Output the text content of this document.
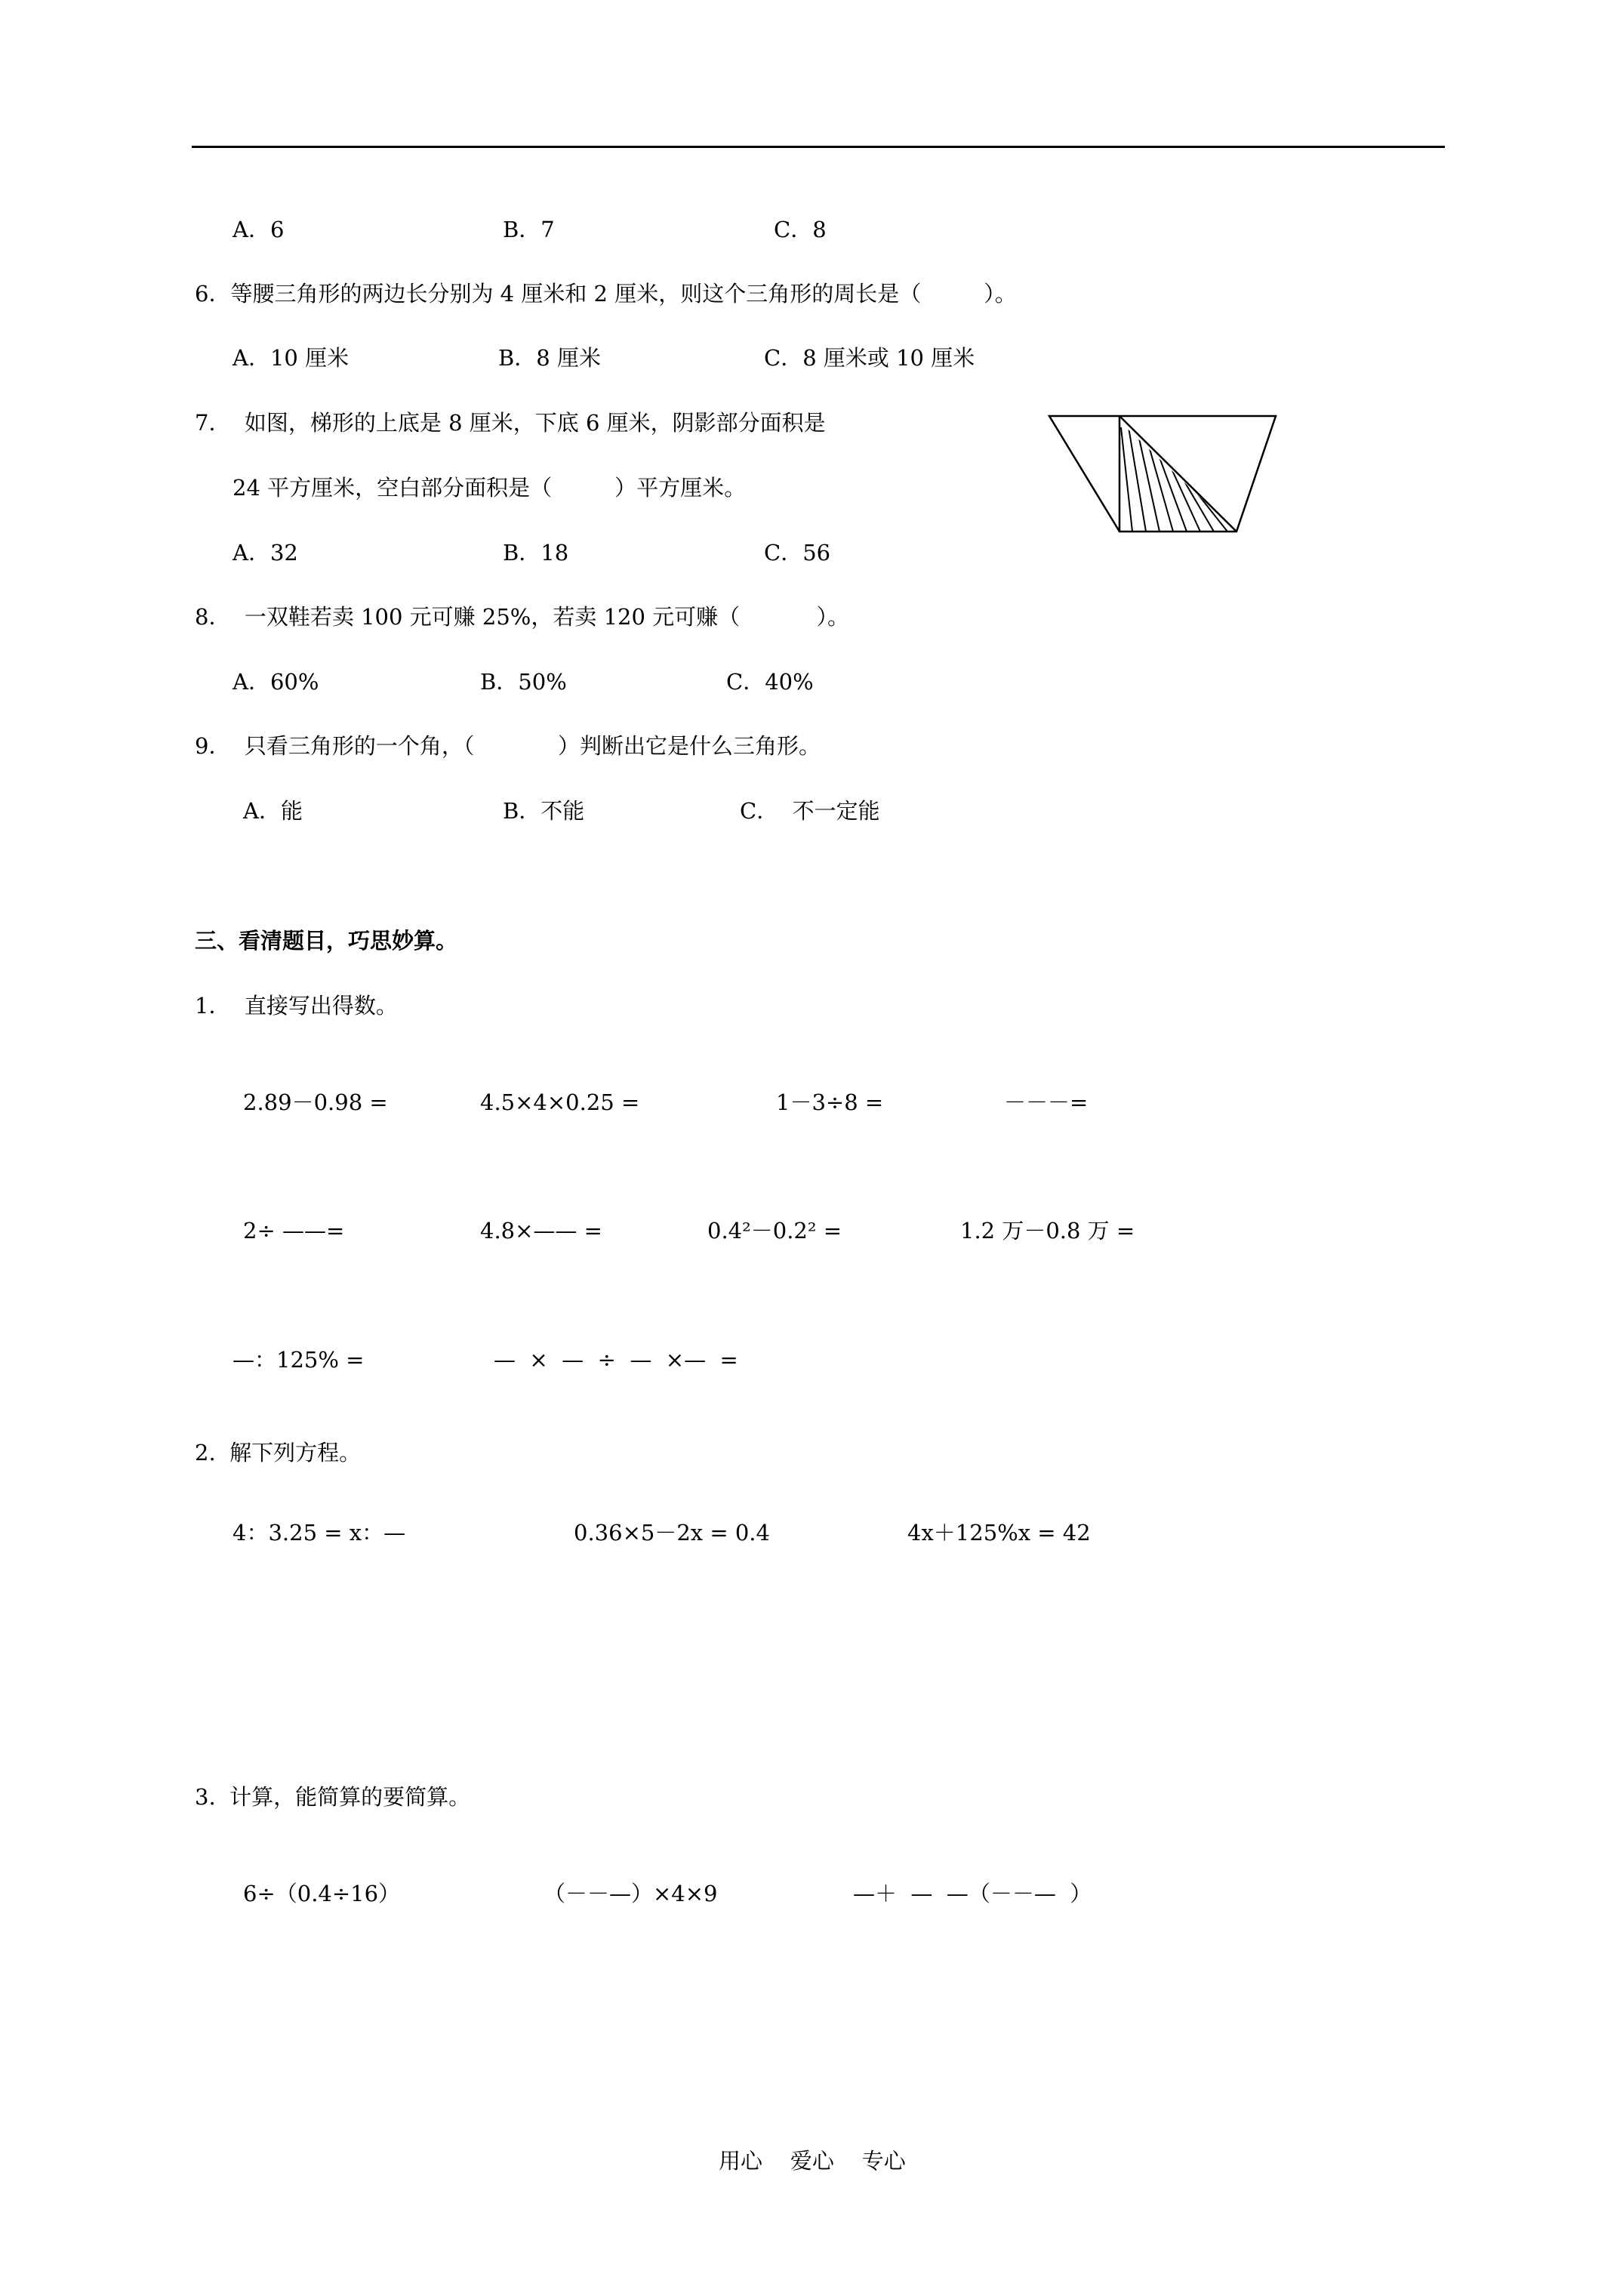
A．6	B．7	C．8
6．等腰三角形的两边长分别为 4 厘米和 2 厘米，则这个三角形的周长是（         ）。
A．10 厘米	B．8 厘米	C．8 厘米或 10 厘米
7．  如图，梯形的上底是 8 厘米，下底 6 厘米，阴影部分面积是
24 平方厘米，空白部分面积是（         ）平方厘米。
A．32	B．18	C．56
8．  一双鞋若卖 100 元可赚 25%，若卖 120 元可赚（           ）。
A．60%	B．50%	C．40%
9．  只看三角形的一个角，（            ）判断出它是什么三角形。
A．能	B．不能	C．  不一定能
三、看清题目，巧思妙算。
1．  直接写出得数。
2.89－0.98 =	4.5×4×0.25 =	1－3÷8 =	－－－=
2÷ ——=	4.8×—— =	0.4²－0.2² =	1.2 万－0.8 万 =
—：125% =	—  ×  —  ÷  —  ×—  =
2.  解下列方程。
4：3.25 = x：—	0.36×5－2x = 0.4	4x＋125%x = 42
3.  计算，能简算的要简算。
6÷（0.4÷16）	（－－—）×4×9	—＋  —  —（－－—  ）
用心    爱心    专心
